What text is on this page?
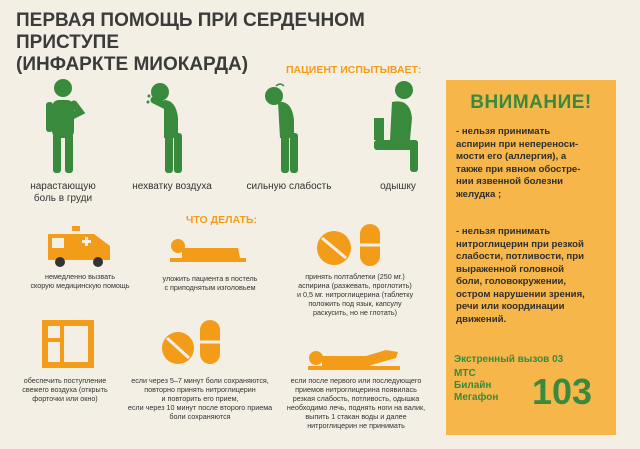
ПЕРВАЯ ПОМОЩЬ ПРИ СЕРДЕЧНОМ ПРИСТУПЕ
(ИНФАРКТЕ МИОКАРДА)	ПАЦИЕНТ ИСПЫТЫВАЕТ:
нарастающую
боль в груди
нехватку воздуха	сильную слабость	одышку
ЧТО ДЕЛАТЬ:
немедленно вызвать
скорую медицинскую помощь
уложить пациента в постель
с приподнятым изголовьем
принять полтаблетки (250 мг.)
аспирина (разжевать, проглотить)
и 0,5 мг. нитроглицерина (таблетку
положить под язык, капсулу
раскусить, но не глотать)
обеспечить поступление
свежего воздуха (открыть
форточки или окно)
если через 5–7 минут боли сохраняются,
повторно принять нитроглицерин
и повторить его прием,
если через 10 минут после второго приема
боли сохраняются
если после первого или последующего
приемов нитроглицерина появилась
резкая слабость, потливость, одышка
необходимо лечь, поднять ноги на валик,
выпить 1 стакан воды и далее
нитроглицерин не принимать
ВНИМАНИЕ!
- нельзя принимать
аспирин при непереноси-
мости его (аллергия), а
также при явном обостре-
нии язвенной болезни
желудка ;
- нельзя принимать
нитроглицерин при резкой
слабости, потливости, при
выраженной головной
боли, головокружении,
остром нарушении зрения,
речи или координации
движений.
Экстренный вызов 03
МТС
Билайн
Мегафон 103
